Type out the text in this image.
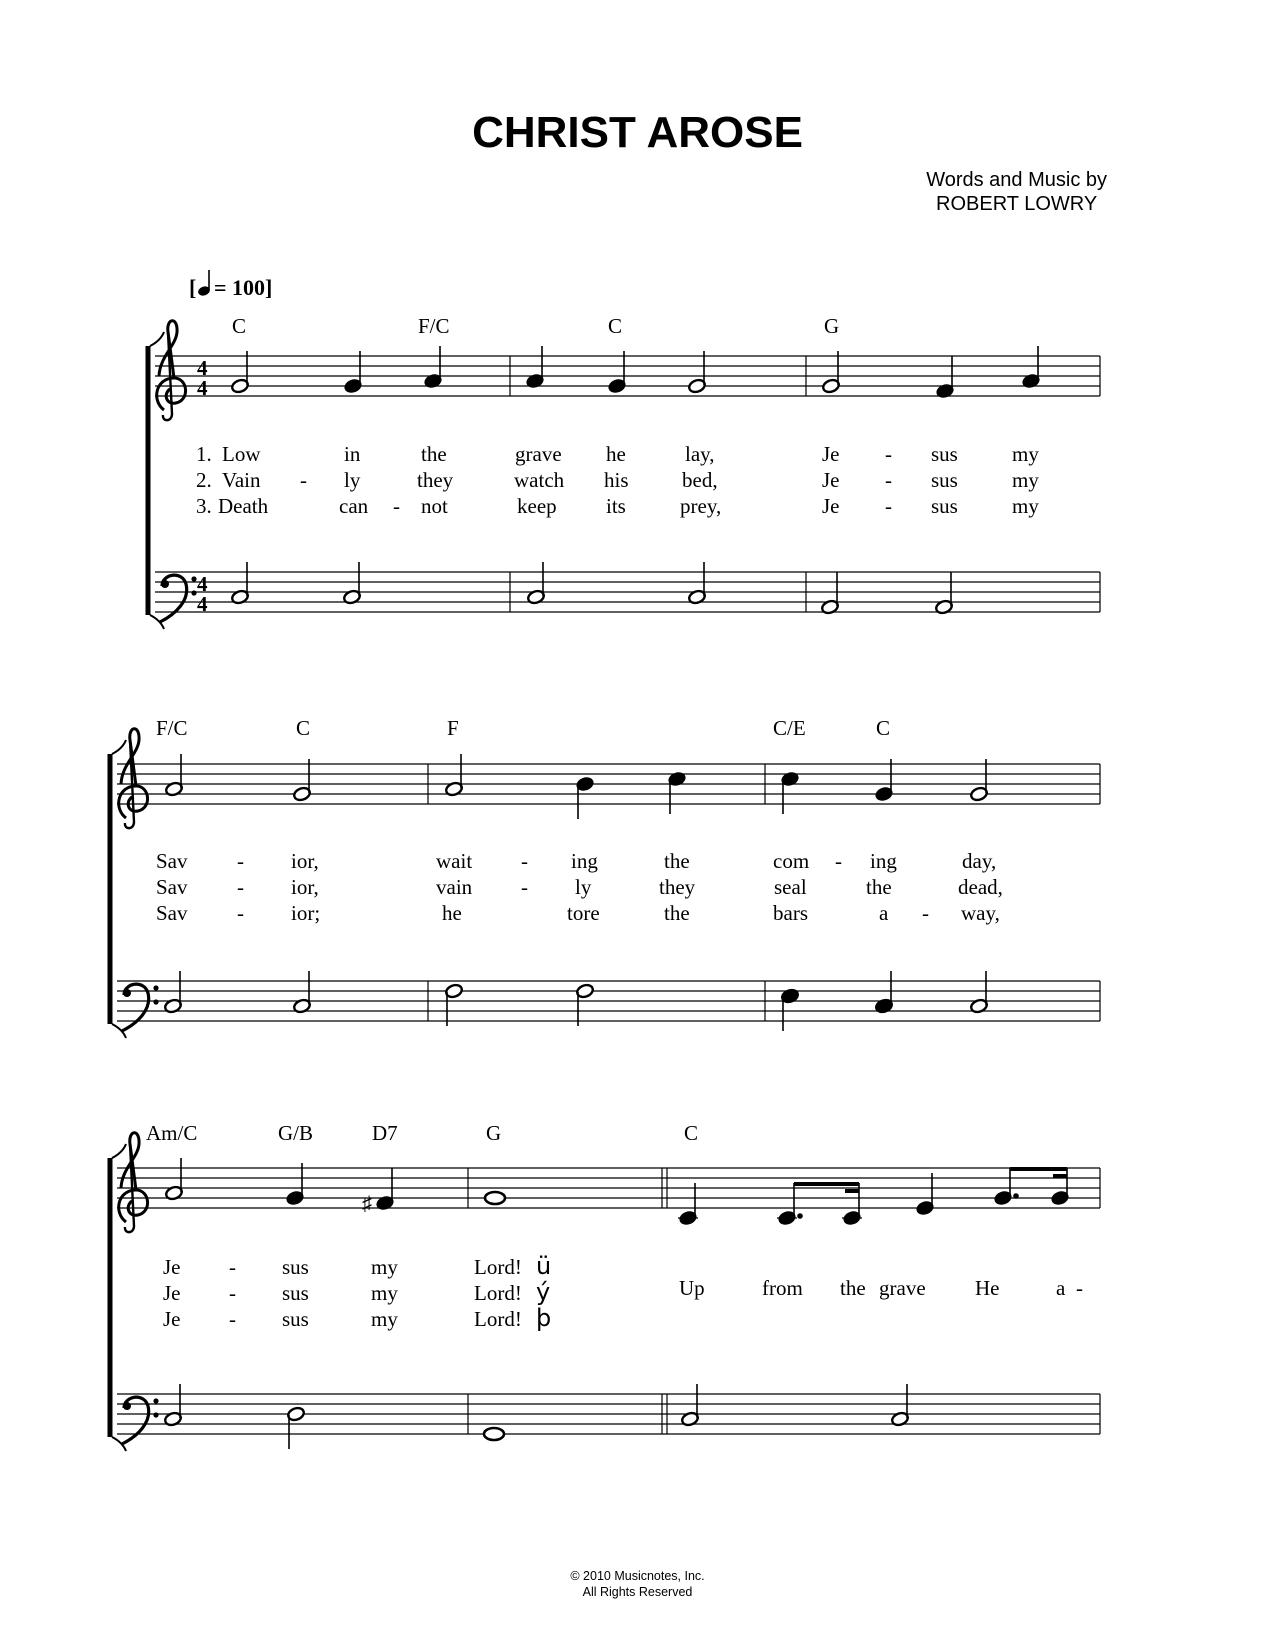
CHRIST AROSE
Words and Music by
ROBERT LOWRY
[ = 100]
4
4
4
4
C	F/C	C	G
1. Low	in	the	grave he	lay,	Je - sus	my
2. Vain - ly	they	watch his	bed,	Je - sus	my
3. Death	can - not	keep its	prey,	Je - sus	my
F/C	C	F	C/E	C
Sav - ior,	wait - ing	the	com - ing	day,
Sav - ior,	vain - ly	they	seal	the	dead,
Sav - ior;	he	tore	the	bars	a - way,
Am/C	G/B	D7	G	C
♯
Je - sus	my	Lord! ü
Je - sus	my	Lord! ý
Je - sus	my	Lord! þ
Up	from the grave He	a -
© 2010 Musicnotes, Inc.
All Rights Reserved
